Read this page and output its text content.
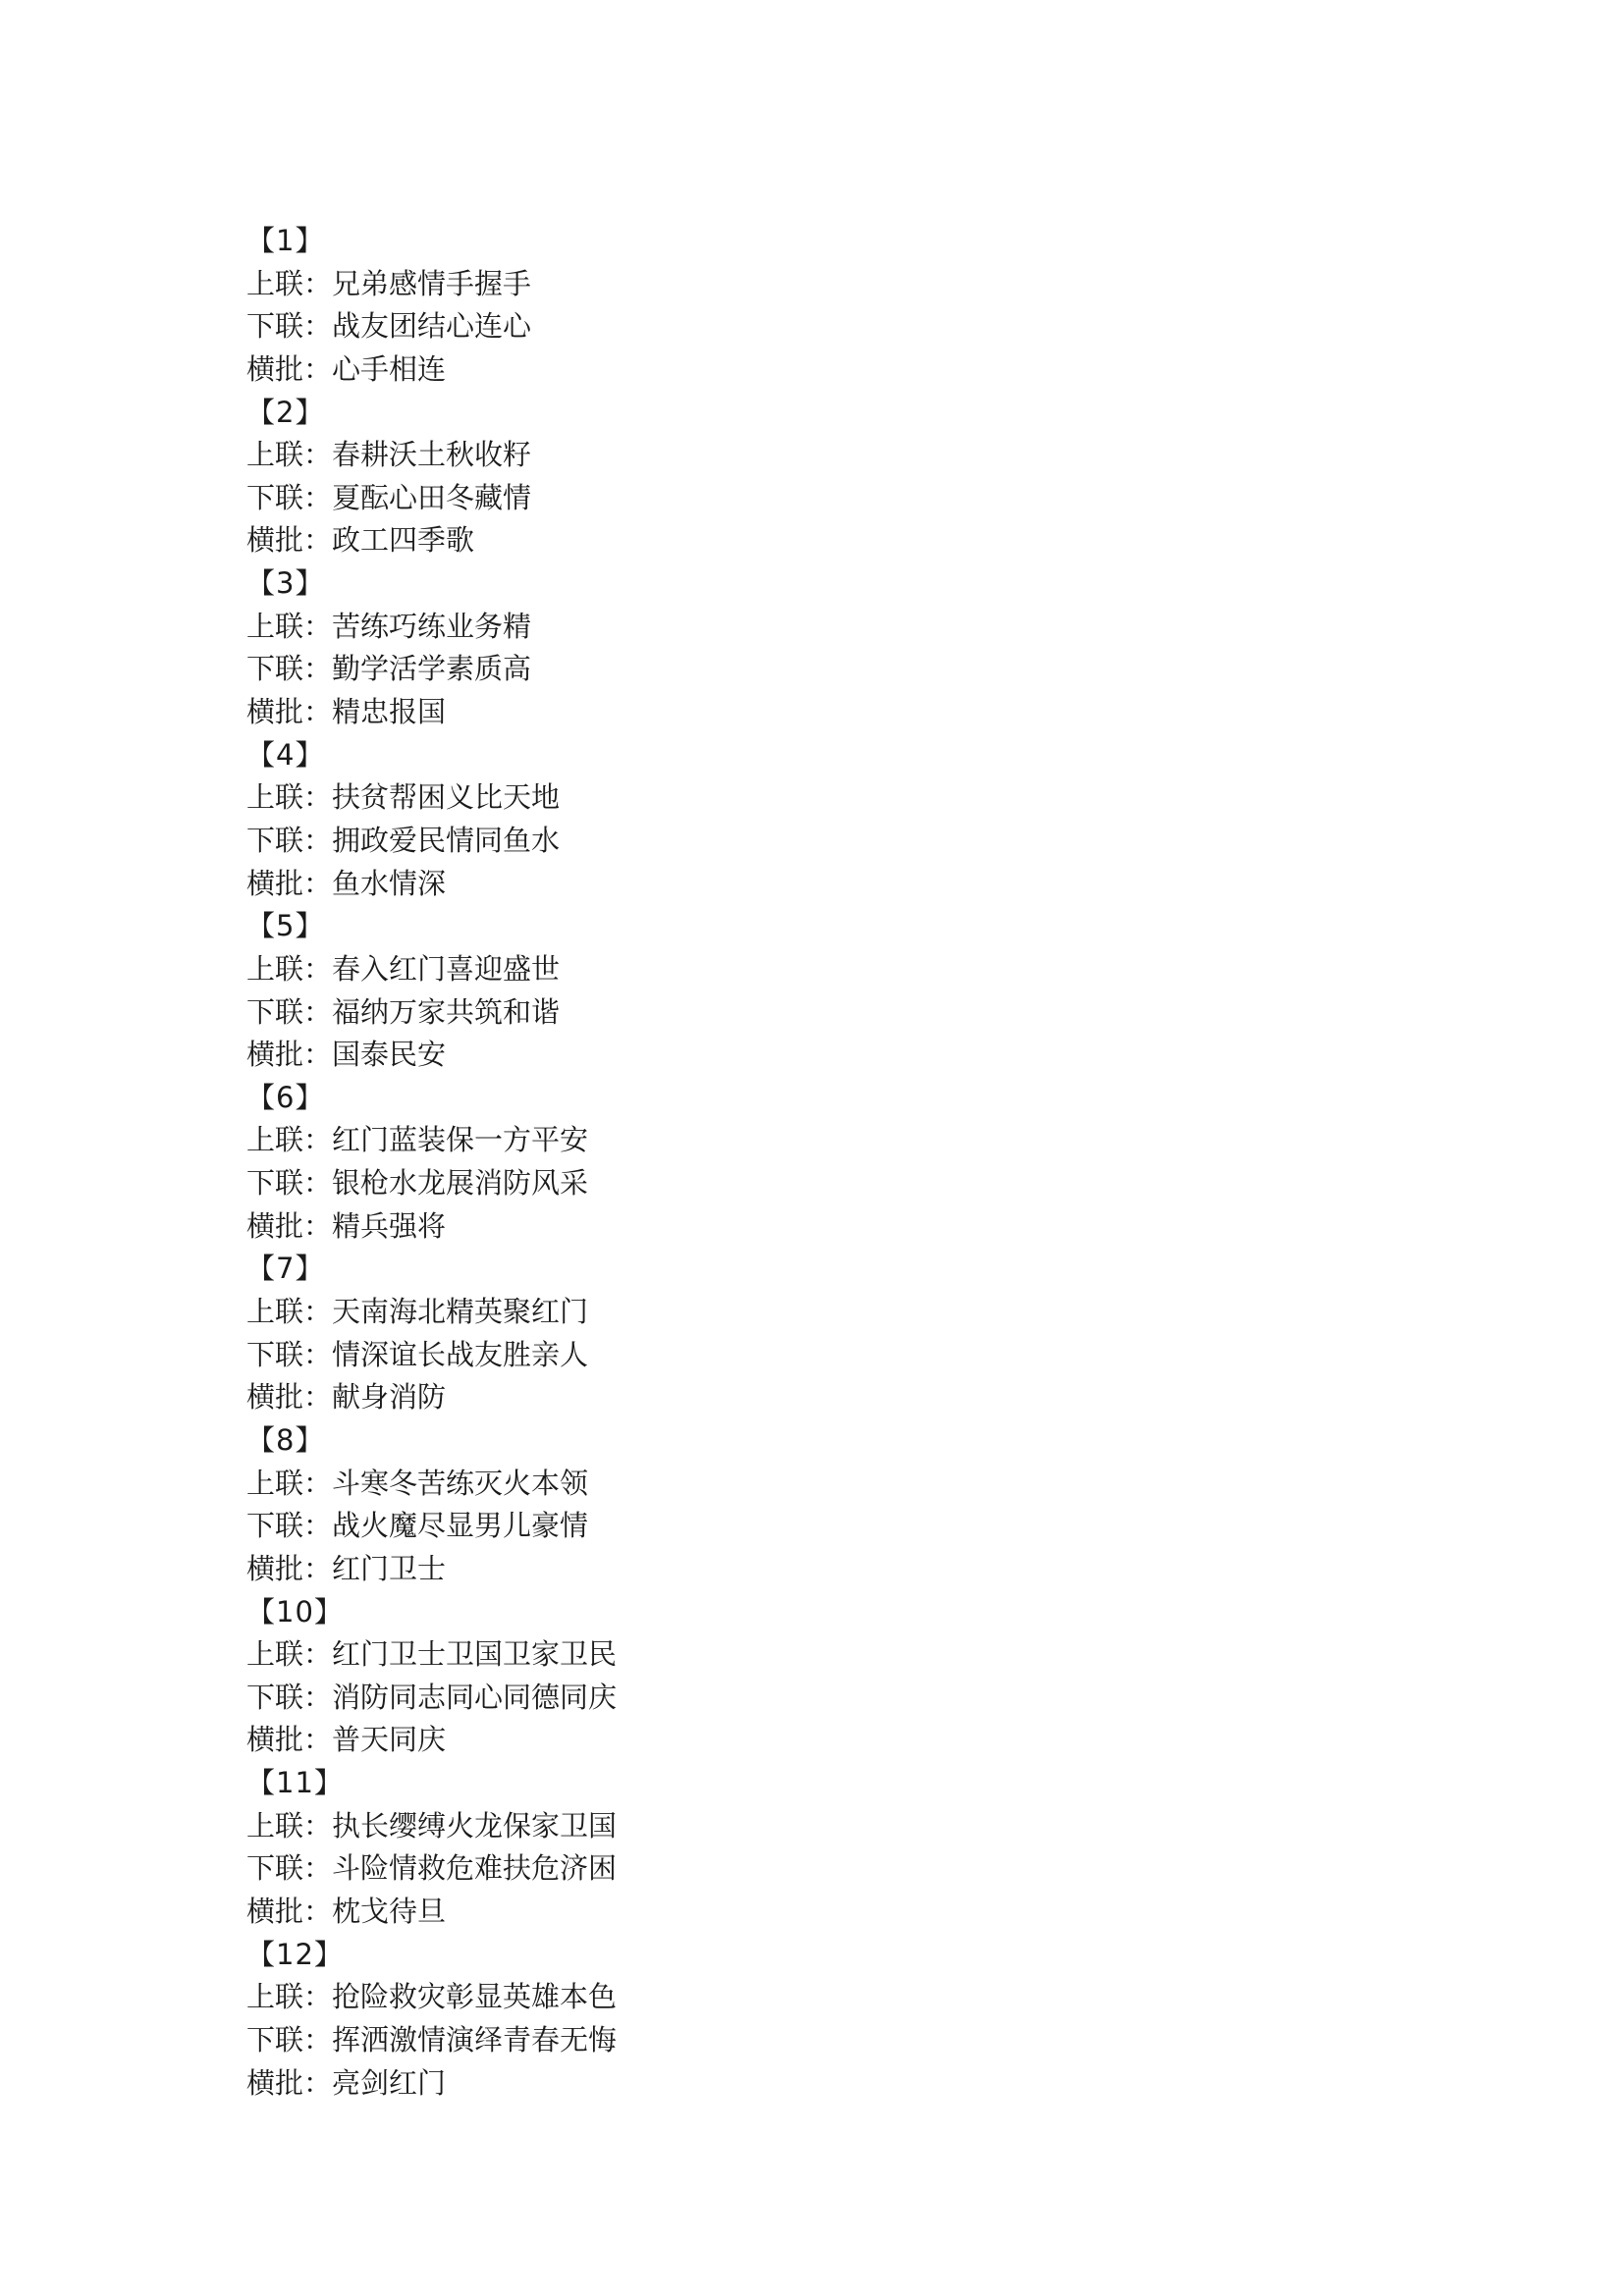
【1】
上联：兄弟感情手握手
下联：战友团结心连心
横批：心手相连
【2】
上联：春耕沃土秋收籽
下联：夏酝心田冬藏情
横批：政工四季歌
【3】
上联：苦练巧练业务精
下联：勤学活学素质高
横批：精忠报国
【4】
上联：扶贫帮困义比天地
下联：拥政爱民情同鱼水
横批：鱼水情深
【5】
上联：春入红门喜迎盛世
下联：福纳万家共筑和谐
横批：国泰民安
【6】
上联：红门蓝装保一方平安
下联：银枪水龙展消防风采
横批：精兵强将
【7】
上联：天南海北精英聚红门
下联：情深谊长战友胜亲人
横批：献身消防
【8】
上联：斗寒冬苦练灭火本领
下联：战火魔尽显男儿豪情
横批：红门卫士
【10】
上联：红门卫士卫国卫家卫民
下联：消防同志同心同德同庆
横批：普天同庆
【11】
上联：执长缨缚火龙保家卫国
下联：斗险情救危难扶危济困
横批：枕戈待旦
【12】
上联：抢险救灾彰显英雄本色
下联：挥洒激情演绎青春无悔
横批：亮剑红门
